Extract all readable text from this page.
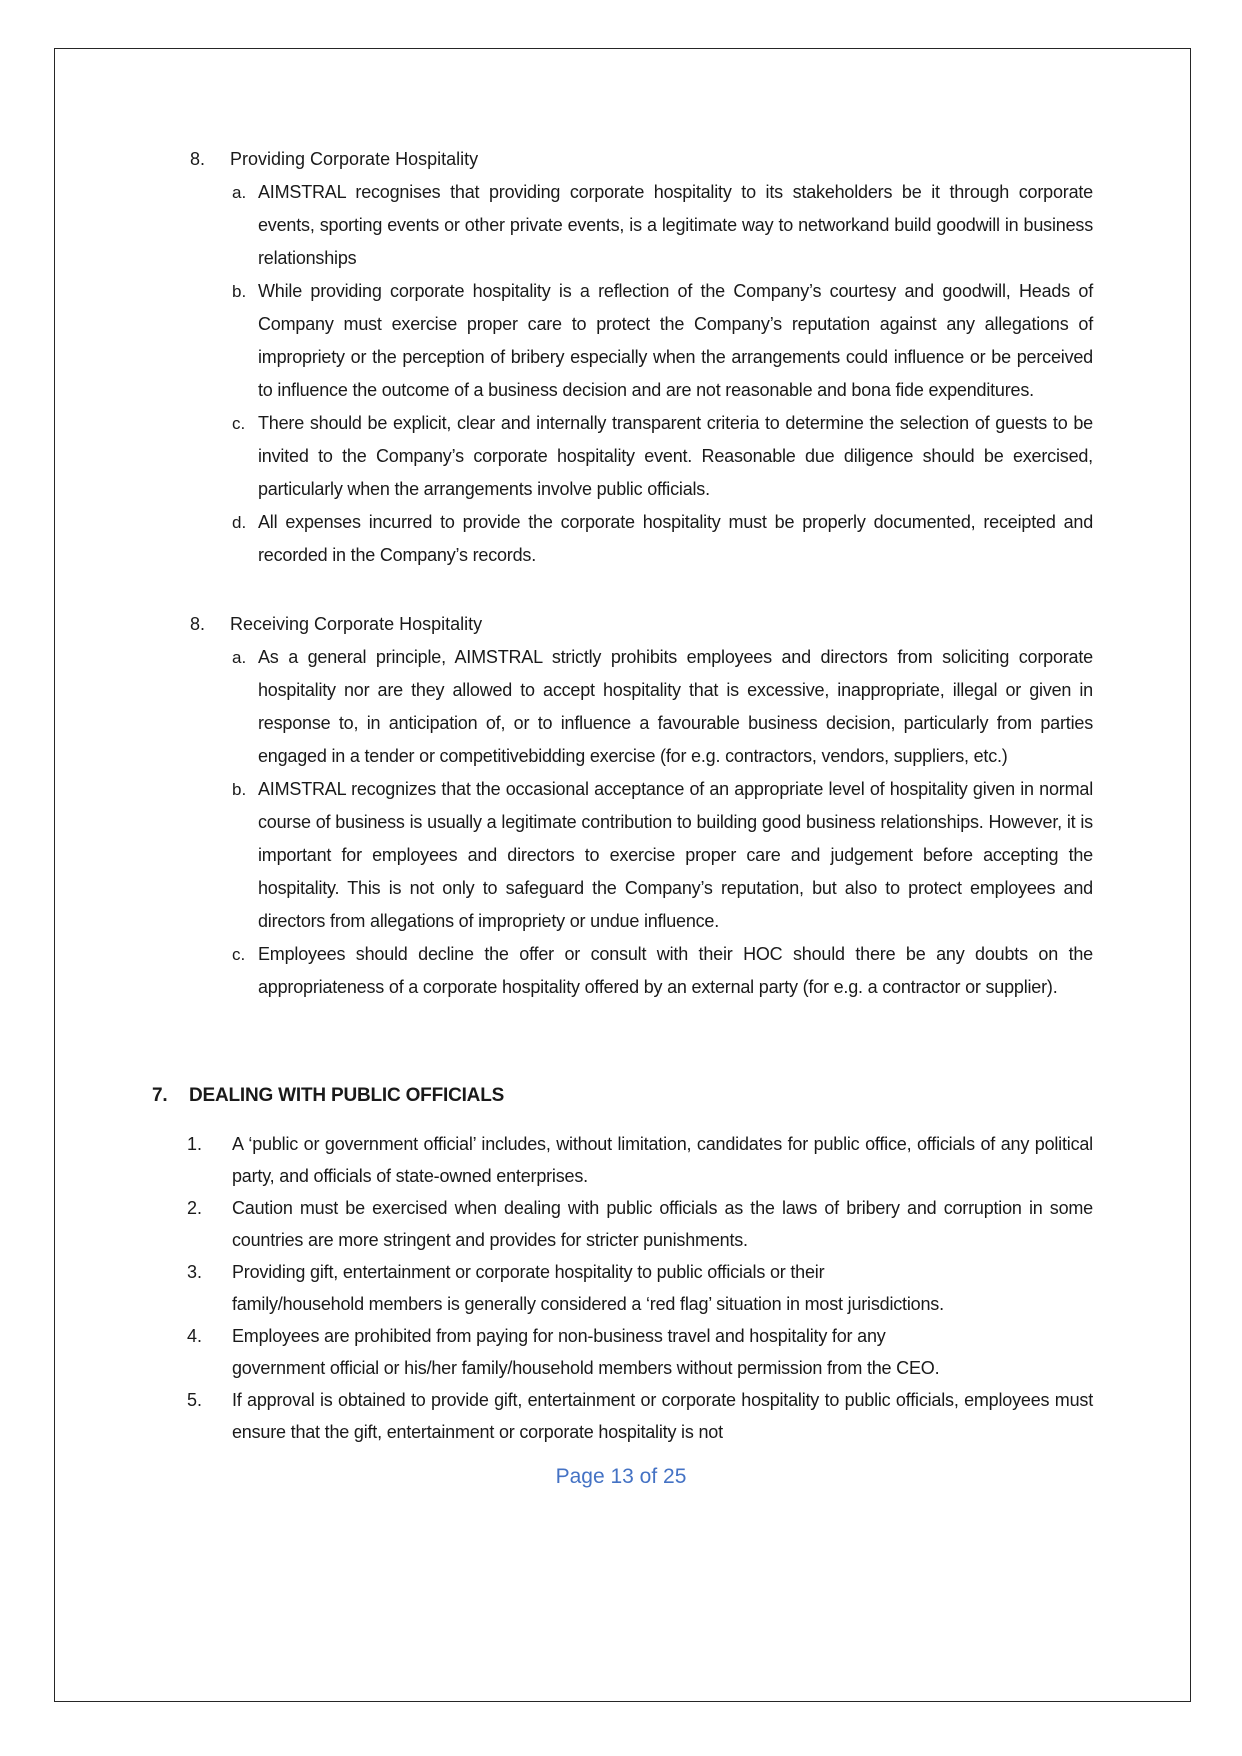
8.	Providing Corporate Hospitality
a. AIMSTRAL recognises that providing corporate hospitality to its stakeholders be it through corporate events, sporting events or other private events, is a legitimate way to networkand build goodwill in business relationships

b. While providing corporate hospitality is a reflection of the Company’s courtesy and goodwill, Heads of Company must exercise proper care to protect the Company’s reputation against any allegations of impropriety or the perception of bribery especially when the arrangements could influence or be perceived to influence the outcome of a business decision and are not reasonable and bona fide expenditures.

c. There should be explicit, clear and internally transparent criteria to determine the selection of guests to be invited to the Company’s corporate hospitality event. Reasonable due diligence should be exercised, particularly when the arrangements involve public officials.

d. All expenses incurred to provide the corporate hospitality must be properly documented, receipted and recorded in the Company’s records.

8.	Receiving Corporate Hospitality
a. As a general principle, AIMSTRAL strictly prohibits employees and directors from soliciting corporate hospitality nor are they allowed to accept hospitality that is excessive, inappropriate, illegal or given in response to, in anticipation of, or to influence a favourable business decision, particularly from parties engaged in a tender or competitivebidding exercise (for e.g. contractors, vendors, suppliers, etc.)

b. AIMSTRAL recognizes that the occasional acceptance of an appropriate level of hospitality given in normal course of business is usually a legitimate contribution to building good business relationships. However, it is important for employees and directors to exercise proper care and judgement before accepting the hospitality. This is not only to safeguard the Company’s reputation, but also to protect employees and directors from allegations of impropriety or undue influence.

c. Employees should decline the offer or consult with their HOC should there be any doubts on the appropriateness of a corporate hospitality offered by an external party (for e.g. a contractor or supplier).

7.	DEALING WITH PUBLIC OFFICIALS
1.	A ‘public or government official’ includes, without limitation, candidates for public office, officials of any political party, and officials of state-owned enterprises.

2.	Caution must be exercised when dealing with public officials as the laws of bribery and corruption in some countries are more stringent and provides for stricter punishments.

3.	Providing gift, entertainment or corporate hospitality to public officials or their
family/household members is generally considered a ‘red flag’ situation in most jurisdictions.

4.	Employees are prohibited from paying for non-business travel and hospitality for any
government official or his/her family/household members without permission from the CEO.

5.	If approval is obtained to provide gift, entertainment or corporate hospitality to public officials, employees must ensure that the gift, entertainment or corporate hospitality is not

Page 13 of 25
